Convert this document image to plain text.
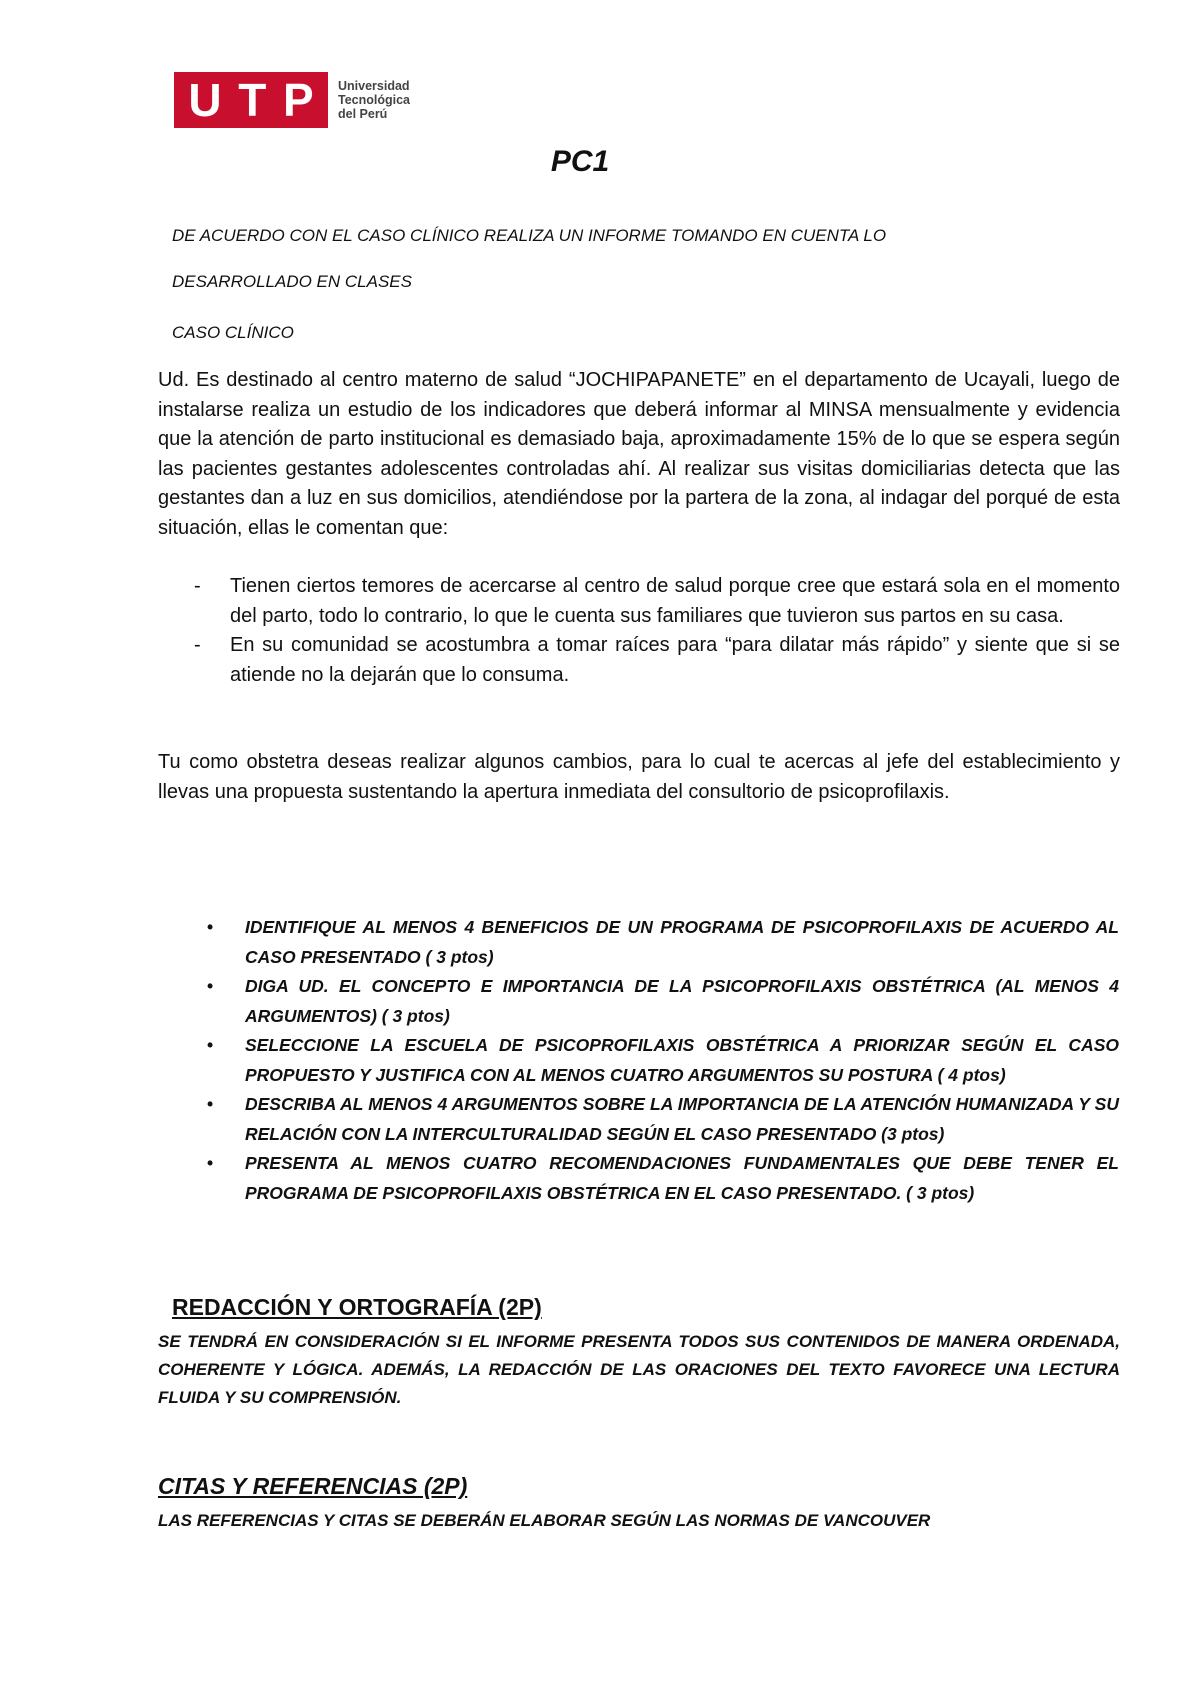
U T P Universidad
Tecnológica
del Perú
PC1
DE ACUERDO CON EL CASO CLÍNICO REALIZA UN INFORME TOMANDO EN CUENTA LO
DESARROLLADO EN CLASES
CASO CLÍNICO
Ud. Es destinado al centro materno de salud “JOCHIPAPANETE” en el departamento de Ucayali, luego de instalarse realiza un estudio de los indicadores que deberá informar al MINSA mensualmente y evidencia que la atención de parto institucional es demasiado baja, aproximadamente 15% de lo que se espera según las pacientes gestantes adolescentes controladas ahí. Al realizar sus visitas domiciliarias detecta que las gestantes dan a luz en sus domicilios, atendiéndose por la partera de la zona, al indagar del porqué de esta situación, ellas le comentan que:
- Tienen ciertos temores de acercarse al centro de salud porque cree que estará sola en el momento del parto, todo lo contrario, lo que le cuenta sus familiares que tuvieron sus partos en su casa.
- En su comunidad se acostumbra a tomar raíces para “para dilatar más rápido” y siente que si se atiende no la dejarán que lo consuma.
Tu como obstetra deseas realizar algunos cambios, para lo cual te acercas al jefe del establecimiento y llevas una propuesta sustentando la apertura inmediata del consultorio de psicoprofilaxis.
• IDENTIFIQUE AL MENOS 4 BENEFICIOS DE UN PROGRAMA DE PSICOPROFILAXIS DE ACUERDO AL CASO PRESENTADO ( 3 ptos)
• DIGA UD. EL CONCEPTO E IMPORTANCIA DE LA PSICOPROFILAXIS OBSTÉTRICA (AL MENOS 4 ARGUMENTOS) ( 3 ptos)
• SELECCIONE LA ESCUELA DE PSICOPROFILAXIS OBSTÉTRICA A PRIORIZAR SEGÚN EL CASO PROPUESTO Y JUSTIFICA CON AL MENOS CUATRO ARGUMENTOS SU POSTURA ( 4 ptos)
• DESCRIBA AL MENOS 4 ARGUMENTOS SOBRE LA IMPORTANCIA DE LA ATENCIÓN HUMANIZADA Y SU RELACIÓN CON LA INTERCULTURALIDAD SEGÚN EL CASO PRESENTADO (3 ptos)
• PRESENTA AL MENOS CUATRO RECOMENDACIONES FUNDAMENTALES QUE DEBE TENER EL PROGRAMA DE PSICOPROFILAXIS OBSTÉTRICA EN EL CASO PRESENTADO. ( 3 ptos)
REDACCIÓN Y ORTOGRAFÍA (2P)
SE TENDRÁ EN CONSIDERACIÓN SI EL INFORME PRESENTA TODOS SUS CONTENIDOS DE MANERA ORDENADA, COHERENTE Y LÓGICA. ADEMÁS, LA REDACCIÓN DE LAS ORACIONES DEL TEXTO FAVORECE UNA LECTURA FLUIDA Y SU COMPRENSIÓN.
CITAS Y REFERENCIAS (2P)
LAS REFERENCIAS Y CITAS SE DEBERÁN ELABORAR SEGÚN LAS NORMAS DE VANCOUVER
